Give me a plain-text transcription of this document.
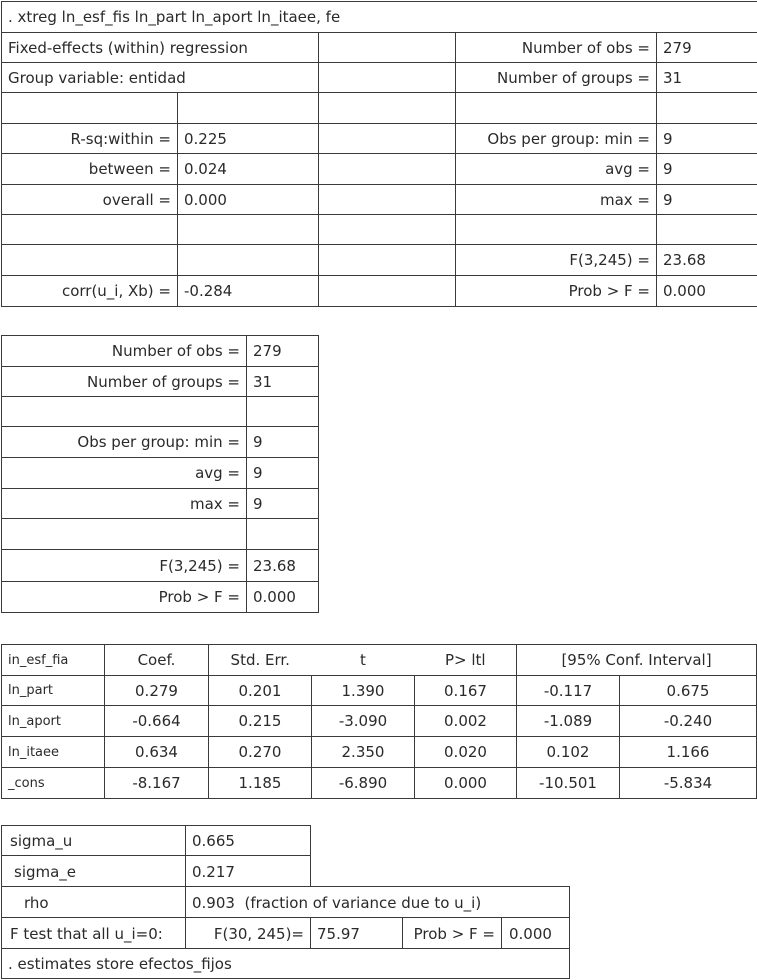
. xtreg ln_esf_fis ln_part ln_aport ln_itaee, fe				
Fixed-effects (within) regression			Number of obs =	279
Group variable: entidad			Number of groups =	31

R-sq:within =	0.225		Obs per group: min =	9
between =	0.024		avg =	9
overall =	0.000		max =	9

			F(3,245) =	23.68
corr(u_i, Xb) =	-0.284		Prob > F =	0.000
Number of obs =	279
Number of groups =	31

Obs per group: min =	9
avg =	9
max =	9

F(3,245) =	23.68
Prob > F =	0.000
in_esf_fia	Coef.	Std. Err.	t	P> ltl	[95% Conf. Interval]	
ln_part	0.279	0.201	1.390	0.167	-0.117	0.675
ln_aport	-0.664	0.215	-3.090	0.002	-1.089	-0.240
ln_itaee	0.634	0.270	2.350	0.020	0.102	1.166
_cons	-8.167	1.185	-6.890	0.000	-10.501	-5.834
sigma_u	0.665
sigma_e	0.217
rho	0.903  (fraction of variance due to u_i)
F test that all u_i=0:	F(30, 245)= 75.97	Prob > F = 0.000
. estimates store efectos_fijos
